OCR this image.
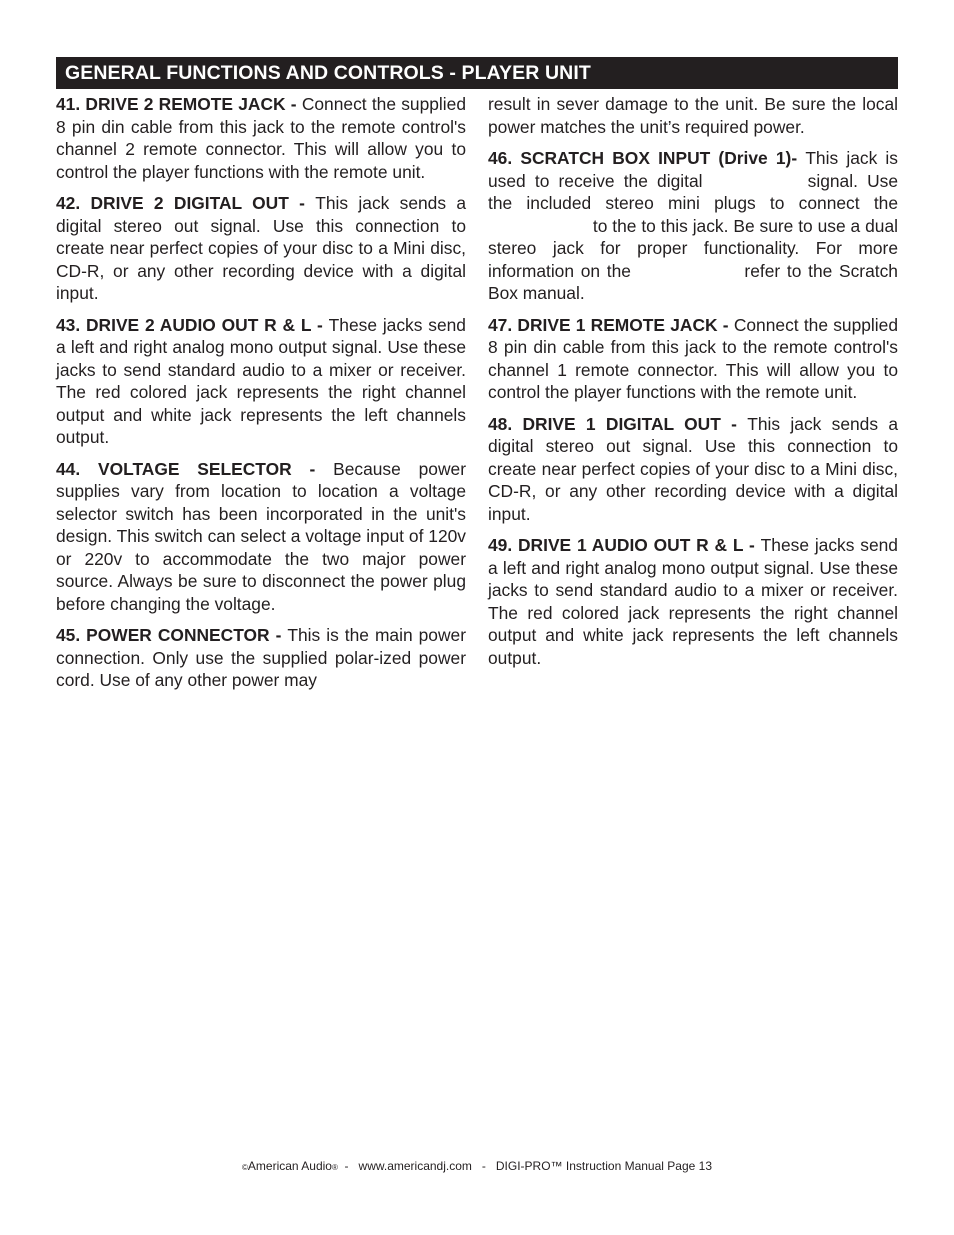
GENERAL FUNCTIONS AND CONTROLS - PLAYER UNIT

41. DRIVE 2 REMOTE JACK - Connect the supplied 8 pin din cable from this jack to the remote control's channel 2 remote connector. This will allow you to control the player functions with the remote unit.

42. DRIVE 2 DIGITAL OUT - This jack sends a digital stereo out signal. Use this connection to create near perfect copies of your disc to a Mini disc, CD-R, or any other recording device with a digital input.

43. DRIVE 2 AUDIO OUT R & L - These jacks send a left and right analog mono output signal. Use these jacks to send standard audio to a mixer or receiver. The red colored jack represents the right channel output and white jack represents the left channels output.

44. VOLTAGE SELECTOR - Because power supplies vary from location to location a voltage selector switch has been incorporated in the unit's design. This switch can select a voltage input of 120v or 220v to accommodate the two major power source. Always be sure to disconnect the power plug before changing the voltage.

45. POWER CONNECTOR - This is the main power connection. Only use the supplied polar-ized power cord. Use of any other power may

result in sever damage to the unit. Be sure the local power matches the unit’s required power.

46. SCRATCH BOX INPUT (Drive 1)- This jack is used to receive the digital	signal. Use the included stereo mini plugs to connect the  to the to this jack. Be sure to use a dual stereo jack for proper functionality. For more information on the	refer to the Scratch Box manual.

47. DRIVE 1 REMOTE JACK - Connect the supplied 8 pin din cable from this jack to the remote control's channel 1 remote connector. This will allow you to control the player functions with the remote unit.

48. DRIVE 1 DIGITAL OUT - This jack sends a digital stereo out signal. Use this connection to create near perfect copies of your disc to a Mini disc, CD-R, or any other recording device with a digital input.

49. DRIVE 1 AUDIO OUT R & L - These jacks send a left and right analog mono output signal. Use these jacks to send standard audio to a mixer or receiver. The red colored jack represents the right channel output and white jack represents the left channels output.

©American Audio®  -   www.americandj.com   -   DIGI-PRO™ Instruction Manual Page 13
